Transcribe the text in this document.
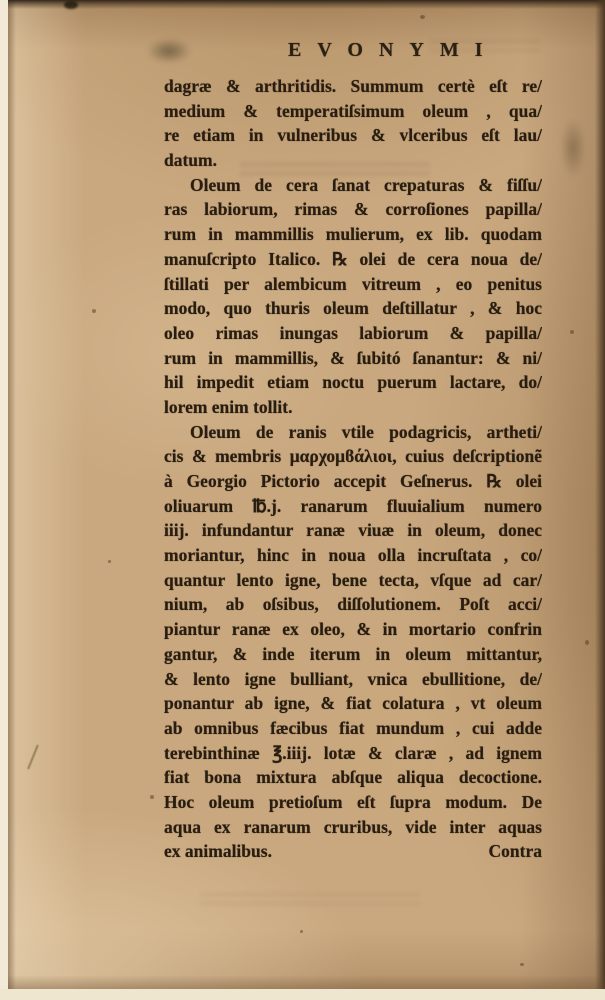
EVONYMI
dagræ & arthritidis. Summum certè eſt re/
medium & temperatiſsimum oleum , qua/
re etiam in vulneribus & vlceribus eſt lau/
datum.
Oleum de cera ſanat crepaturas & fiſſu/
ras labiorum, rimas & corroſiones papilla/
rum in mammillis mulierum, ex lib. quodam
manuſcripto Italico. ℞ olei de cera noua de/
ſtillati per alembicum vitreum , eo penitus
modo, quo thuris oleum deſtillatur , & hoc
oleo rimas inungas labiorum & papilla/
rum in mammillis, & ſubitó ſanantur: & ni/
hil impedit etiam noctu puerum lactare, do/
lorem enim tollit.
Oleum de ranis vtile podagricis, artheti/
cis & membris μαρχομϐάλιοι, cuius deſcriptionẽ
à Georgio Pictorio accepit Geſnerus. ℞ olei
oliuarum ℔.j. ranarum fluuialium numero
iiij. infundantur ranæ viuæ in oleum, donec
moriantur, hinc in noua olla incruſtata , co/
quantur lento igne, bene tecta, vſque ad car/
nium, ab oſsibus, diſſolutionem. Poſt acci/
piantur ranæ ex oleo, & in mortario confrin
gantur, & inde iterum in oleum mittantur,
& lento igne bulliant, vnica ebullitione, de/
ponantur ab igne, & fiat colatura , vt oleum
ab omnibus fæcibus fiat mundum , cui adde
terebinthinæ ℥.iiij. lotæ & claræ , ad ignem
fiat bona mixtura abſque aliqua decoctione.
Hoc oleum pretioſum eſt ſupra modum. De
aqua ex ranarum cruribus, vide inter aquas
ex animalibus.	Contra
